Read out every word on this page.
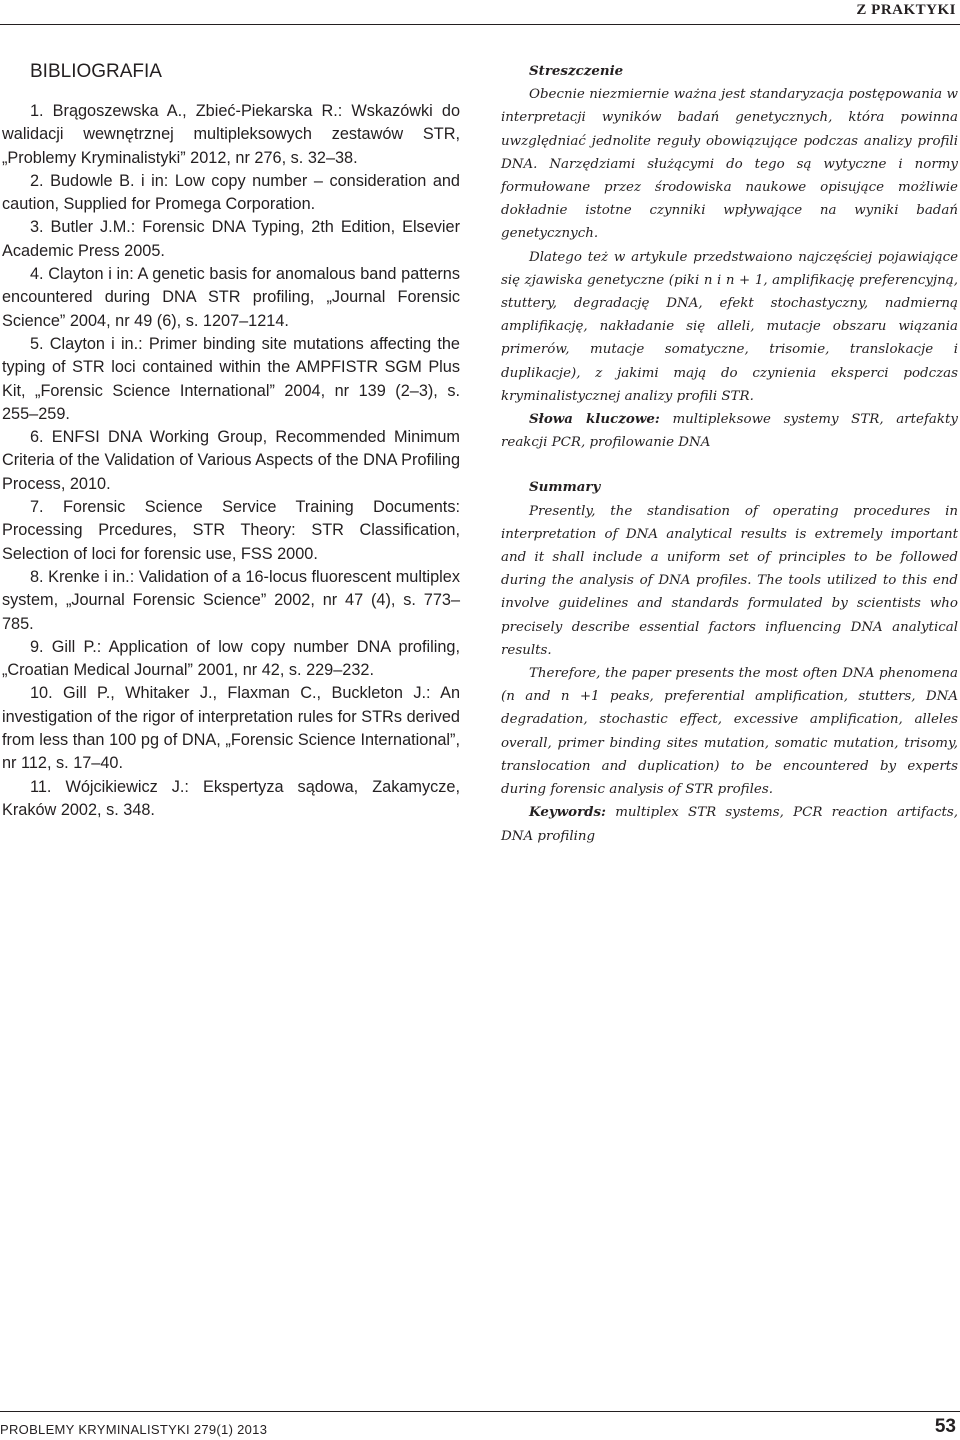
Z PRAKTYKI
BIBLIOGRAFIA

1. Brągoszewska A., Zbieć-Piekarska R.: Wskazówki do walidacji wewnętrznej multipleksowych zestawów STR, „Problemy Kryminalistyki” 2012, nr 276, s. 32–38.

2. Budowle B. i in: Low copy number – consideration and caution, Supplied for Promega Corporation.

3. Butler J.M.: Forensic DNA Typing, 2th Edition, Elsevier Academic Press 2005.

4. Clayton i in: A genetic basis for anomalous band patterns encountered during DNA STR profiling, „Journal Forensic Science” 2004, nr 49 (6), s. 1207–1214.

5. Clayton i in.: Primer binding site mutations affecting the typing of STR loci contained within the AMPFISTR SGM Plus Kit, „Forensic Science International” 2004, nr 139 (2–3), s. 255–259.

6. ENFSI DNA Working Group, Recommended Minimum Criteria of the Validation of Various Aspects of the DNA Profiling Process, 2010.

7. Forensic Science Service Training Documents: Processing Prcedures, STR Theory: STR Classification, Selection of loci for forensic use, FSS 2000.

8. Krenke i in.: Validation of a 16-locus fluorescent multiplex system, „Journal Forensic Science” 2002, nr 47 (4), s. 773–785.

9. Gill P.: Application of low copy number DNA profiling, „Croatian Medical Journal” 2001, nr 42, s. 229–232.

10. Gill P., Whitaker J., Flaxman C., Buckleton J.: An investigation of the rigor of interpretation rules for STRs derived from less than 100 pg of DNA, „Forensic Science International”, nr 112, s. 17–40.

11. Wójcikiewicz J.: Ekspertyza sądowa, Zakamycze, Kraków 2002, s. 348.

Streszczenie

Obecnie niezmiernie ważna jest standaryzacja postępowania w interpretacji wyników badań genetycznych, która powinna uwzględniać jednolite reguły obowiązujące podczas analizy profili DNA. Narzędziami służącymi do tego są wytyczne i normy formułowane przez środowiska naukowe opisujące możliwie dokładnie istotne czynniki wpływające na wyniki badań genetycznych.

Dlatego też w artykule przedstwaiono najczęściej pojawiające się zjawiska genetyczne (piki n i n + 1, amplifikację preferencyjną, stuttery, degradację DNA, efekt stochastyczny, nadmierną amplifikację, nakładanie się alleli, mutacje obszaru wiązania primerów, mutacje somatyczne, trisomie, translokacje i duplikacje), z jakimi mają do czynienia eksperci podczas kryminalistycznej analizy profili STR.

Słowa kluczowe: multipleksowe systemy STR, artefakty reakcji PCR, profilowanie DNA

Summary

Presently, the standisation of operating procedures in interpretation of DNA analytical results is extremely important and it shall include a uniform set of principles to be followed during the analysis of DNA profiles. The tools utilized to this end involve guidelines and standards formulated by scientists who precisely describe essential factors influencing DNA analytical results.

Therefore, the paper presents the most often DNA phenomena (n and n +1 peaks, preferential amplification, stutters, DNA degradation, stochastic effect, excessive amplification, alleles overall, primer binding sites mutation, somatic mutation, trisomy, translocation and duplication) to be encountered by experts during forensic analysis of STR profiles.

Keywords: multiplex STR systems, PCR reaction artifacts, DNA profiling

PROBLEMY KRYMINALISTYKI 279(1) 2013	53
